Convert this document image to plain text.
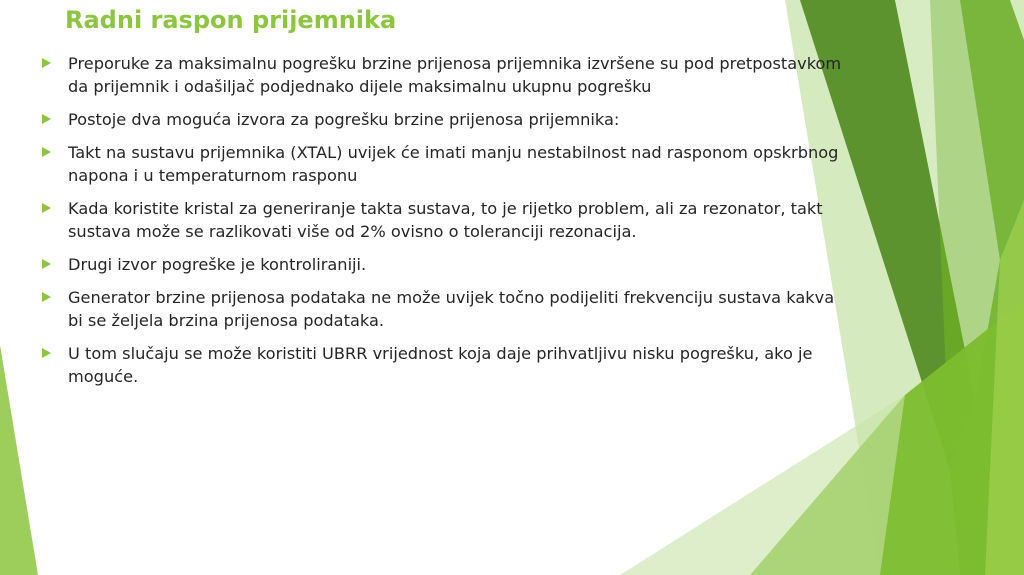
Radni raspon prijemnika
Preporuke za maksimalnu pogrešku brzine prijenosa prijemnika izvršene su pod pretpostavkom da prijemnik i odašiljač podjednako dijele maksimalnu ukupnu pogrešku
Postoje dva moguća izvora za pogrešku brzine prijenosa prijemnika:
Takt na sustavu prijemnika (XTAL) uvijek će imati manju nestabilnost nad rasponom opskrbnog napona i u temperaturnom rasponu
Kada koristite kristal za generiranje takta sustava, to je rijetko problem, ali za rezonator, takt sustava može se razlikovati više od 2% ovisno o toleranciji rezonacija.
Drugi izvor pogreške je kontroliraniji.
Generator brzine prijenosa podataka ne može uvijek točno podijeliti frekvenciju sustava kakva bi se željela brzina prijenosa podataka.
U tom slučaju se može koristiti UBRR vrijednost koja daje prihvatljivu nisku pogrešku, ako je moguće.
